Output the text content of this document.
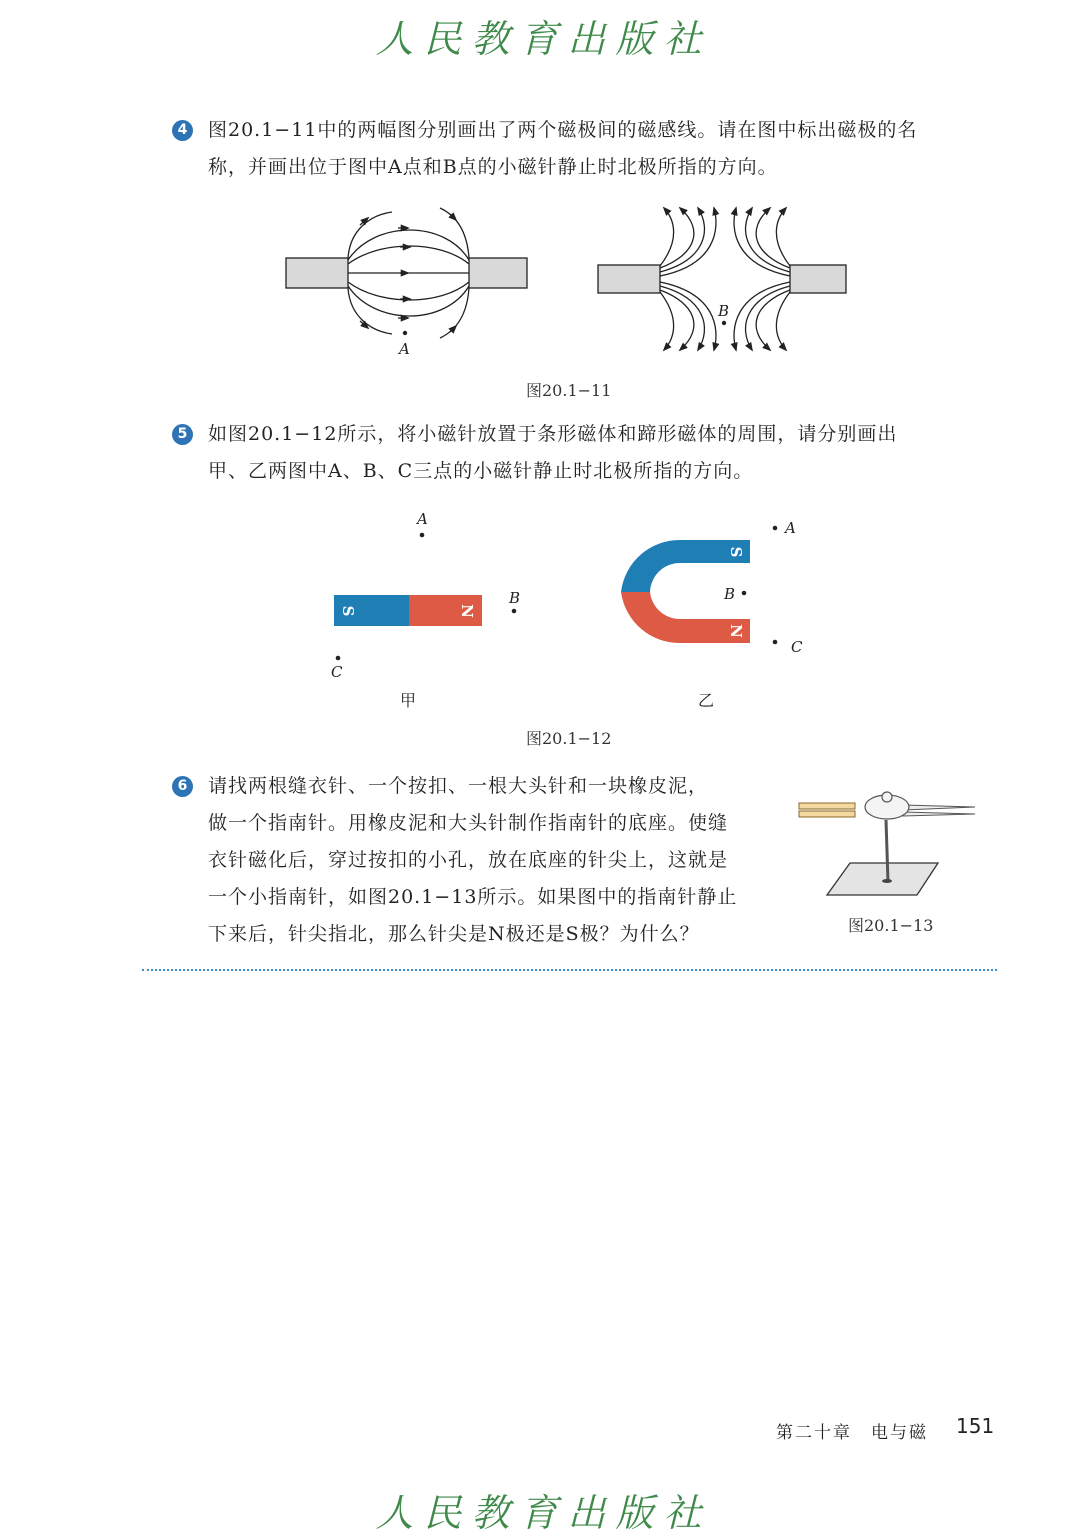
人民教育出版社
4 图20.1−11中的两幅图分别画出了两个磁极间的磁感线。请在图中标出磁极的名

称，并画出位于图中A点和B点的小磁针静止时北极所指的方向。

A
B
图20.1−11
5 如图20.1−12所示，将小磁针放置于条形磁体和蹄形磁体的周围，请分别画出

甲、乙两图中A、B、C三点的小磁针静止时北极所指的方向。

S	N
A
B
C
甲
S
N
A
B
C
乙
图20.1−12
6 请找两根缝衣针、一个按扣、一根大头针和一块橡皮泥，

做一个指南针。用橡皮泥和大头针制作指南针的底座。使缝

衣针磁化后，穿过按扣的小孔，放在底座的针尖上，这就是

一个小指南针，如图20.1−13所示。如果图中的指南针静止

下来后，针尖指北，那么针尖是N极还是S极？为什么？	图20.1−13
第二十章　电与磁 151
人民教育出版社
